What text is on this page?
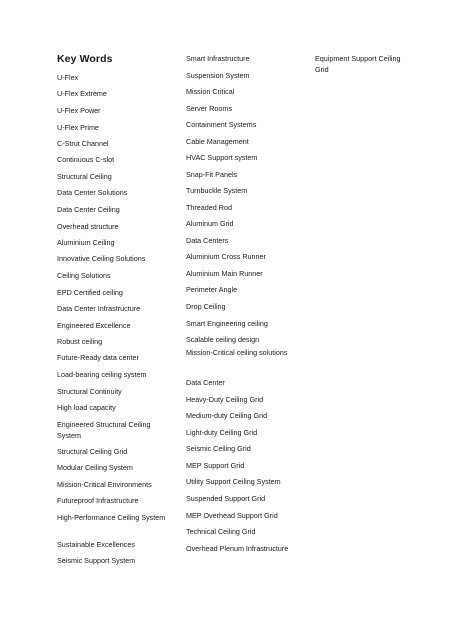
Key Words
U-Flex
U-Flex Extreme
U-Flex Power
U-Flex Prime
C-Strut Channel
Continuous C-slot
Structural Ceiling
Data Center Solutions
Data Center Ceiling
Overhead structure
Aluminium Ceiling
Innovative Ceiling Solutions
Ceiling Solutions
EPD Certified ceiling
Data Center Infrastructure
Engineered Excellence
Robust ceiling
Future-Ready data center
Load-bearing ceiling system
Structural Continuity
High load capacity
Engineered Structural Ceiling System
Structural Ceiling Grid
Modular Ceiling System
Mission-Critical Environments
Futureproof Infrastructure
High-Performance Ceiling System
Sustainable Excellences
Seismic Support System
Smart Infrastructure
Suspension System
Mission Critical
Server Rooms
Containment Systems
Cable Management
HVAC Support system
Snap-Fit Panels
Turnbuckle System
Threaded Rod
Aluminum Grid
Data Centers
Aluminium Cross Runner
Aluminium Main Runner
Perimeter Angle
Drop Ceiling
Smart Engineering ceiling
Scalable ceiling design
Mission-Critical ceiling solutions
Data Center
Heavy-Duty Ceiling Grid
Medium-duty Ceiling Grid
Light-duty Ceiling Grid
Seismic Ceiling Grid
MEP Support Grid
Utility Support Ceiling System
Suspended Support Grid
MEP Overhead Support Grid
Technical Ceiling Grid
Overhead Plenum Infrastructure
Equipment Support Ceiling Grid
